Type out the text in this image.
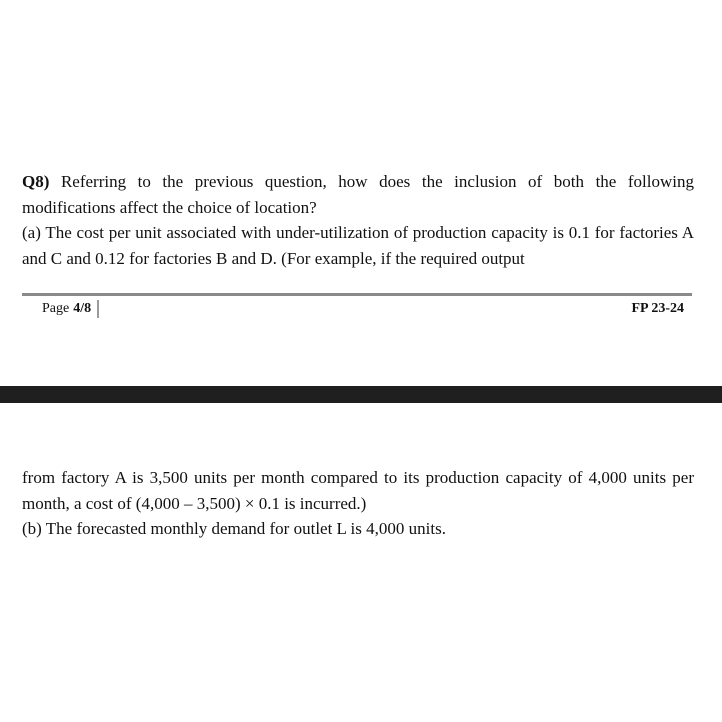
Q8) Referring to the previous question, how does the inclusion of both the following modifications affect the choice of location?

(a) The cost per unit associated with under-utilization of production capacity is 0.1 for factories A and C and 0.12 for factories B and D. (For example, if the required output

Page 4/8	FP 23-24

from factory A is 3,500 units per month compared to its production capacity of 4,000 units per month, a cost of (4,000 – 3,500) × 0.1 is incurred.)

(b) The forecasted monthly demand for outlet L is 4,000 units.
